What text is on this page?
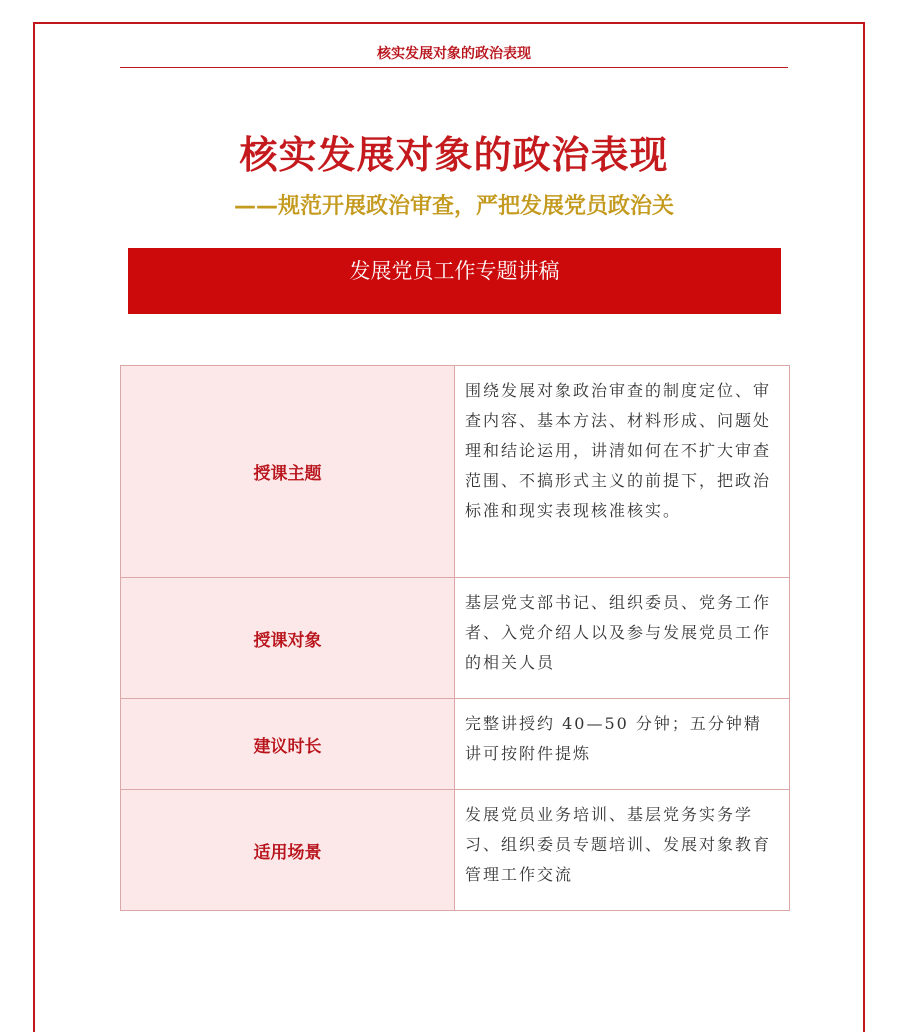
核实发展对象的政治表现
核实发展对象的政治表现
——规范开展政治审查，严把发展党员政治关
发展党员工作专题讲稿
授课主题	围绕发展对象政治审查的制度定位、审查内容、基本方法、材料形成、问题处理和结论运用，讲清如何在不扩大审查范围、不搞形式主义的前提下，把政治标准和现实表现核准核实。
授课对象	基层党支部书记、组织委员、党务工作者、入党介绍人以及参与发展党员工作的相关人员
建议时长	完整讲授约 40—50 分钟；五分钟精讲可按附件提炼
适用场景	发展党员业务培训、基层党务实务学习、组织委员专题培训、发展对象教育管理工作交流
